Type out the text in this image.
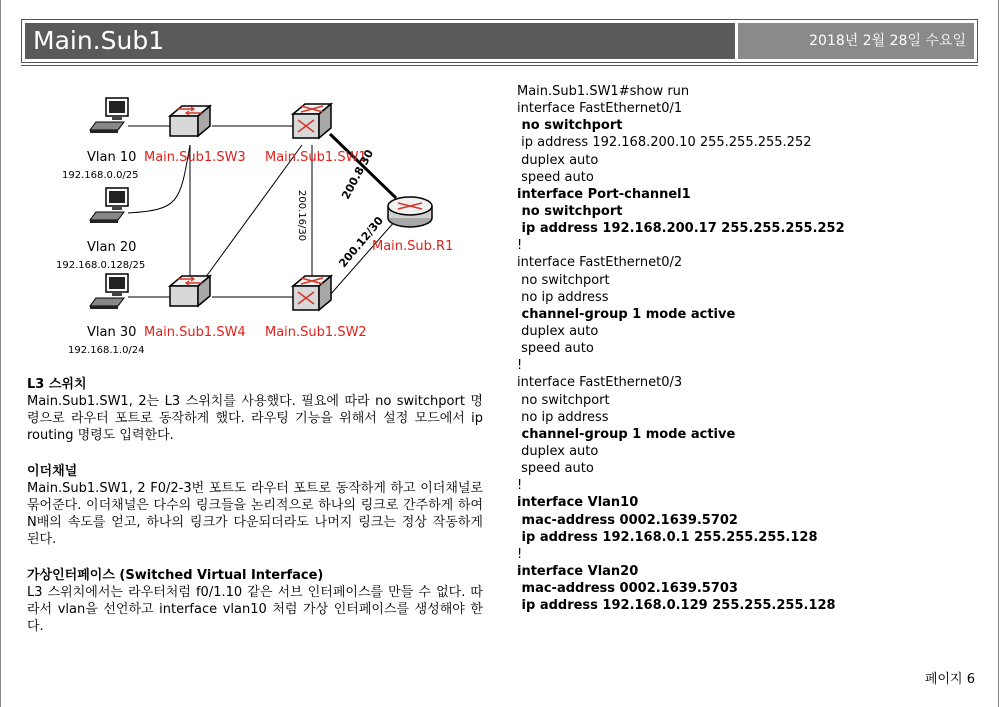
Main.Sub1	2018년 2월 28일 수요일
Vlan 10
192.168.0.0/25
Vlan 20
192.168.0.128/25
Vlan 30
192.168.1.0/24
Main.Sub1.SW3 Main.Sub1.SW1
Main.Sub1.SW4 Main.Sub1.SW2
Main.Sub.R1
200.8/30
200.16/30	200.12/30
L3 스위치

Main.Sub1.SW1, 2는 L3 스위치를 사용했다. 필요에 따라 no switchport 명령으로 라우터 포트로 동작하게 했다. 라우팅 기능을 위해서 설정 모드에서 ip routing 명령도 입력한다.

이더채널

Main.Sub1.SW1, 2 F0/2-3번 포트도 라우터 포트로 동작하게 하고 이더채널로 묶어준다. 이더채널은 다수의 링크들을 논리적으로 하나의 링크로 간주하게 하여 N배의 속도를 얻고, 하나의 링크가 다운되더라도 나머지 링크는 정상 작동하게 된다.

가상인터페이스 (Switched Virtual Interface)

L3 스위치에서는 라우터처럼 f0/1.10 같은 서브 인터페이스를 만들 수 없다. 따라서 vlan을 선언하고 interface vlan10 처럼 가상 인터페이스를 생성해야 한다.

Main.Sub1.SW1#show run
interface FastEthernet0/1
no switchport
ip address 192.168.200.10 255.255.255.252
duplex auto
speed auto
interface Port-channel1
no switchport
ip address 192.168.200.17 255.255.255.252
!
interface FastEthernet0/2
no switchport
no ip address
channel-group 1 mode active
duplex auto
speed auto
!
interface FastEthernet0/3
no switchport
no ip address
channel-group 1 mode active
duplex auto
speed auto
!
interface Vlan10
mac-address 0002.1639.5702
ip address 192.168.0.1 255.255.255.128
!
interface Vlan20
mac-address 0002.1639.5703
ip address 192.168.0.129 255.255.255.128
페이지 6
